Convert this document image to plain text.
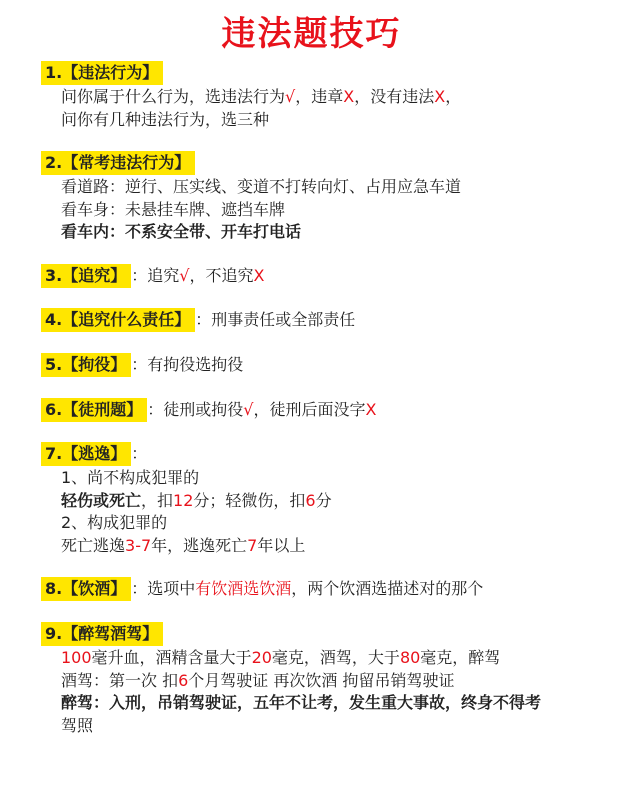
违法题技巧
1.【违法行为】
问你属于什么行为，选违法行为√，违章X，没有违法X，
问你有几种违法行为，选三种
2.【常考违法行为】
看道路：逆行、压实线、变道不打转向灯、占用应急车道
看车身：未悬挂车牌、遮挡车牌
看车内：不系安全带、开车打电话
3.【追究】 ：追究√，不追究X
4.【追究什么责任】 ：刑事责任或全部责任
5.【拘役】 ：有拘役选拘役
6.【徒刑题】 ：徒刑或拘役√，徒刑后面没字X
7.【逃逸】 ：
1、尚不构成犯罪的
轻伤或死亡，扣12分；轻微伤，扣6分
2、构成犯罪的
死亡逃逸3-7年，逃逸死亡7年以上
8.【饮酒】 ：选项中有饮酒选饮酒，两个饮酒选描述对的那个
9.【醉驾酒驾】
100毫升血，酒精含量大于20毫克，酒驾，大于80毫克，醉驾
酒驾：第一次 扣6个月驾驶证 再次饮酒 拘留吊销驾驶证
醉驾：入刑，吊销驾驶证，五年不让考，发生重大事故，终身不得考
驾照
